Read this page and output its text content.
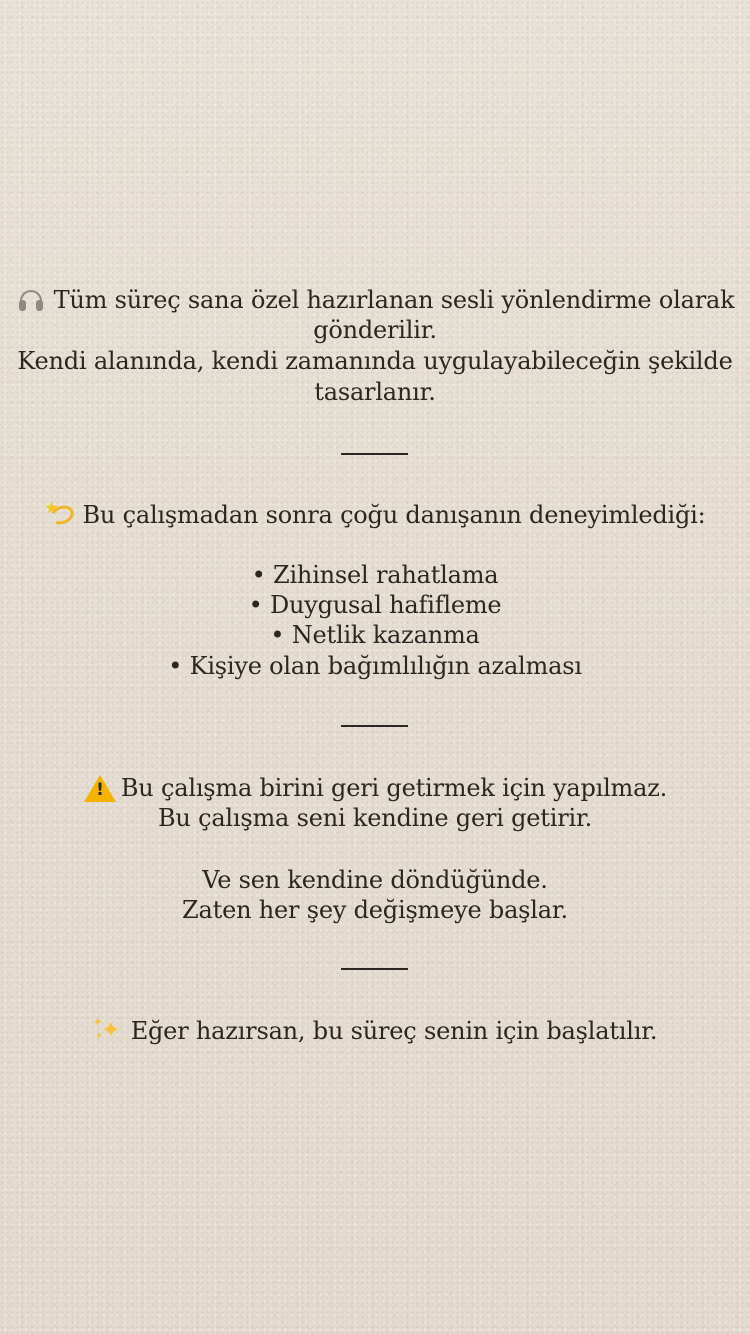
Tüm süreç sana özel hazırlanan sesli yönlendirme olarak
gönderilir.
Kendi alanında, kendi zamanında uygulayabileceğin şekilde
tasarlanır.
★ Bu çalışmadan sonra çoğu danışanın deneyimlediği:
• Zihinsel rahatlama
• Duygusal hafifleme
• Netlik kazanma
• Kişiye olan bağımlılığın azalması
! Bu çalışma birini geri getirmek için yapılmaz.
Bu çalışma seni kendine geri getirir.
Ve sen kendine döndüğünde.
Zaten her şey değişmeye başlar.
✦
✦
✦ Eğer hazırsan, bu süreç senin için başlatılır.
